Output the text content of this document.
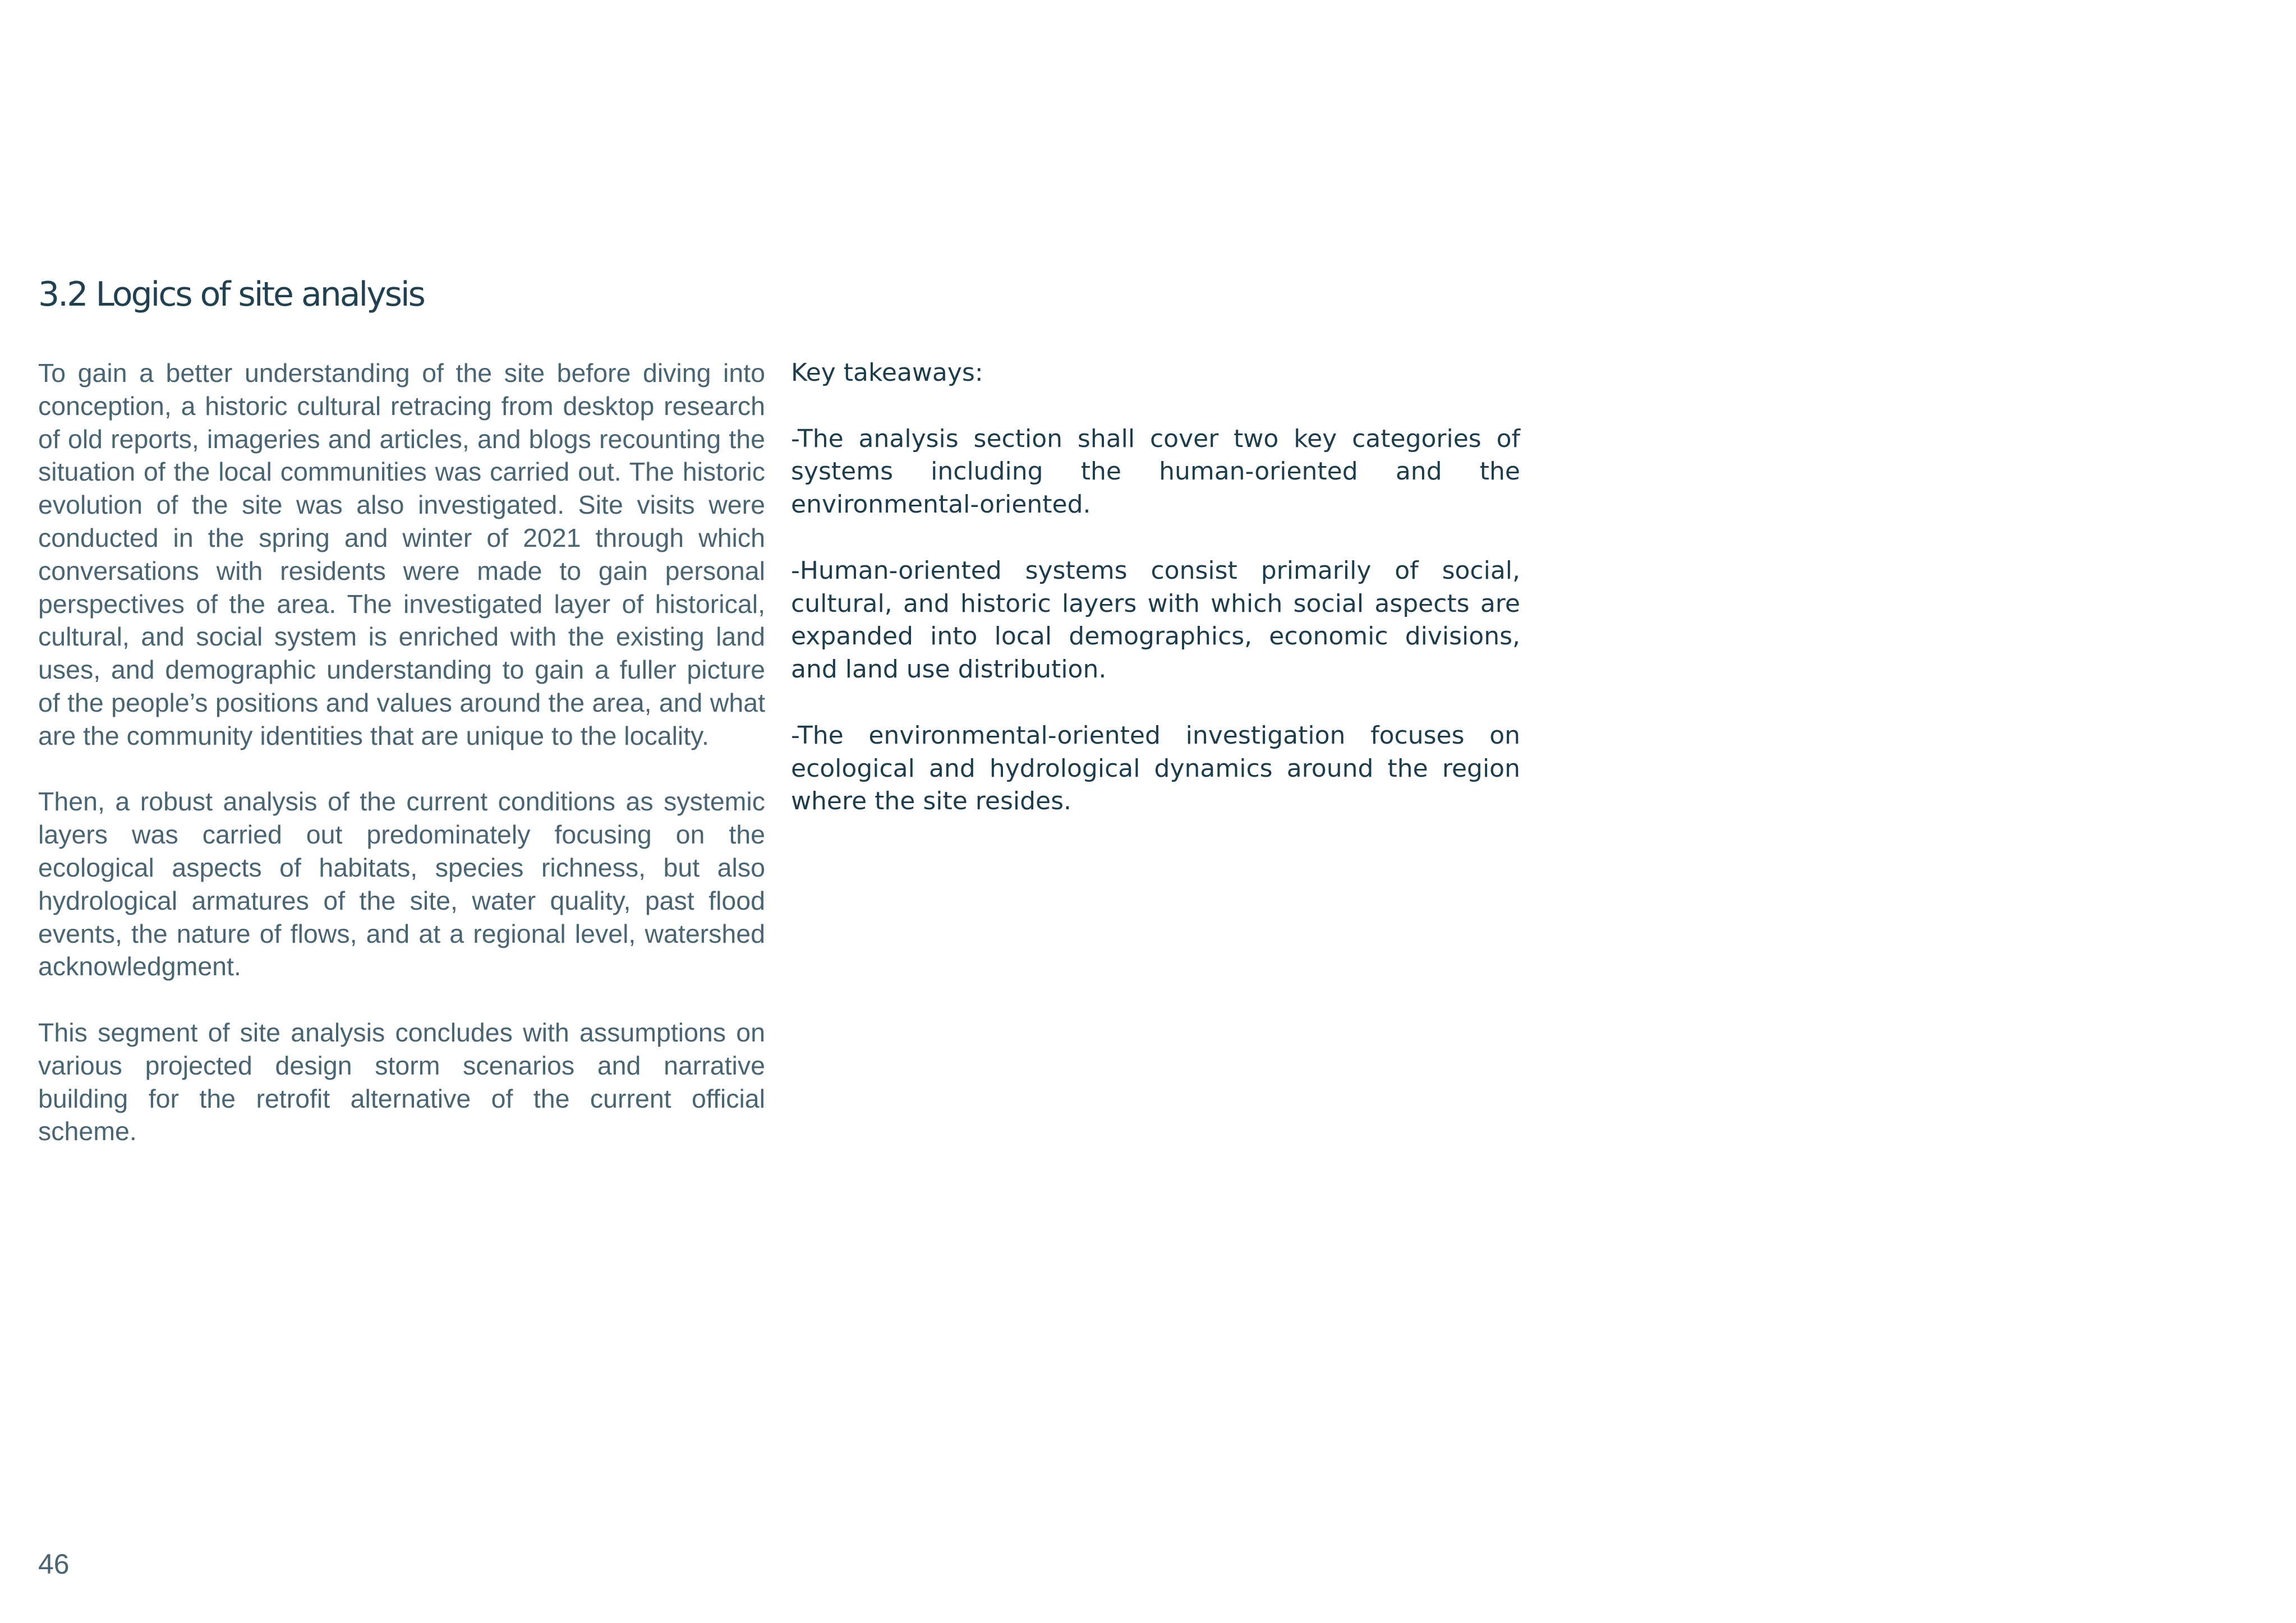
3.2 Logics of site analysis

To gain a better understanding of the site before diving into conception, a historic cultural retracing from desktop research of old reports, imageries and articles, and blogs recounting the situation of the local communities was carried out. The historic evolution of the site was also investigated. Site visits were conducted in the spring and winter of 2021 through which conversations with residents were made to gain personal perspectives of the area. The investigated layer of historical, cultural, and social system is enriched with the existing land uses, and demographic understanding to gain a fuller picture of the people’s positions and values around the area, and what are the community identities that are unique to the locality.

Then, a robust analysis of the current conditions as systemic layers was carried out predominately focusing on the ecological aspects of habitats, species richness, but also hydrological armatures of the site, water quality, past flood events, the nature of flows, and at a regional level, watershed acknowledgment.

This segment of site analysis concludes with assumptions on various projected design storm scenarios and narrative building for the retrofit alternative of the current official scheme.

Key takeaways:

-The analysis section shall cover two key categories of systems including the human-oriented and the environmental-oriented.

-Human-oriented systems consist primarily of social, cultural, and historic layers with which social aspects are expanded into local demographics, economic divisions, and land use distribution.

-The environmental-oriented investigation focuses on ecological and hydrological dynamics around the region where the site resides.

46
